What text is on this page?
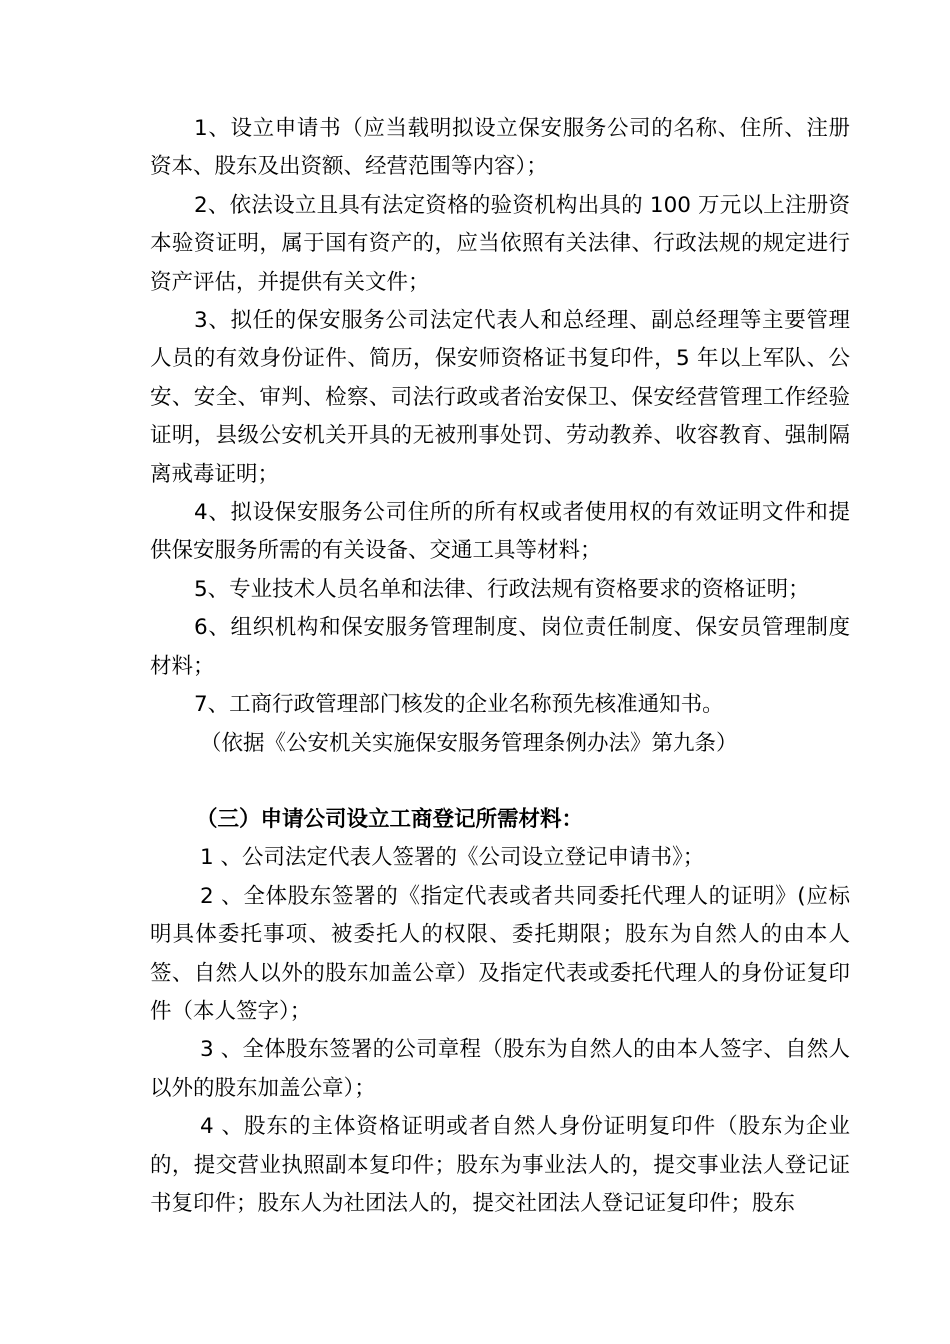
1、设立申请书（应当载明拟设立保安服务公司的名称、住所、注册资本、股东及出资额、经营范围等内容）；

2、依法设立且具有法定资格的验资机构出具的 100 万元以上注册资本验资证明，属于国有资产的，应当依照有关法律、行政法规的规定进行资产评估，并提供有关文件；

3、拟任的保安服务公司法定代表人和总经理、副总经理等主要管理人员的有效身份证件、简历，保安师资格证书复印件，5 年以上军队、公安、安全、审判、检察、司法行政或者治安保卫、保安经营管理工作经验证明，县级公安机关开具的无被刑事处罚、劳动教养、收容教育、强制隔离戒毒证明；

4、拟设保安服务公司住所的所有权或者使用权的有效证明文件和提供保安服务所需的有关设备、交通工具等材料；

5、专业技术人员名单和法律、行政法规有资格要求的资格证明；

6、组织机构和保安服务管理制度、岗位责任制度、保安员管理制度材料；

7、工商行政管理部门核发的企业名称预先核准通知书。

（依据《公安机关实施保安服务管理条例办法》第九条）

（三）申请公司设立工商登记所需材料：

1 、公司法定代表人签署的《公司设立登记申请书》；

2 、全体股东签署的《指定代表或者共同委托代理人的证明》(应标明具体委托事项、被委托人的权限、委托期限；股东为自然人的由本人签、自然人以外的股东加盖公章）及指定代表或委托代理人的身份证复印件（本人签字）；

3 、全体股东签署的公司章程（股东为自然人的由本人签字、自然人以外的股东加盖公章）；

4 、股东的主体资格证明或者自然人身份证明复印件（股东为企业的，提交营业执照副本复印件；股东为事业法人的，提交事业法人登记证书复印件；股东人为社团法人的，提交社团法人登记证复印件；股东
